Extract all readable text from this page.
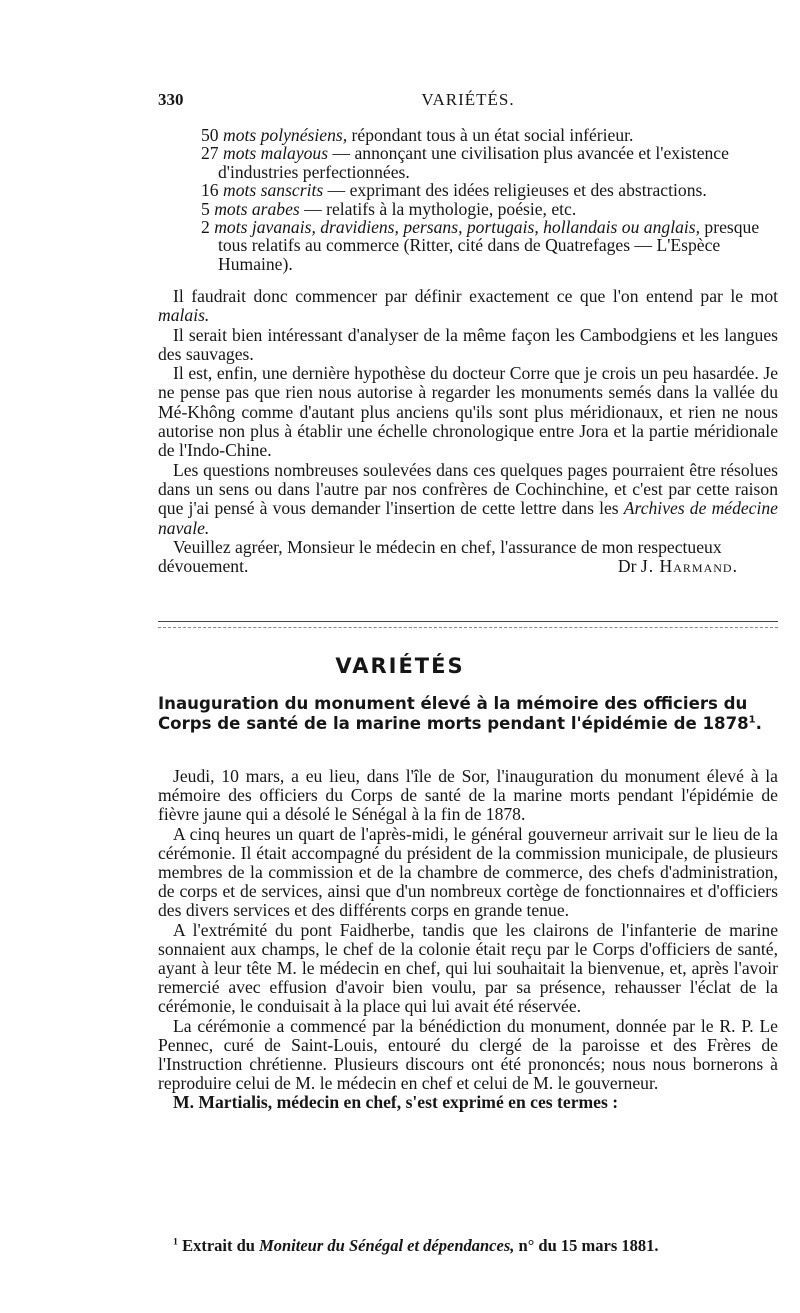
330	VARIÉTÉS.

50 mots polynésiens, répondant tous à un état social inférieur.

27 mots malayous — annonçant une civilisation plus avancée et l'existence d'industries perfectionnées.

16 mots sanscrits — exprimant des idées religieuses et des abstractions.

5 mots arabes — relatifs à la mythologie, poésie, etc.

2 mots javanais, dravidiens, persans, portugais, hollandais ou anglais, presque tous relatifs au commerce (Ritter, cité dans de Quatrefages — L'Espèce Humaine).

Il faudrait donc commencer par définir exactement ce que l'on entend par le mot malais.

Il serait bien intéressant d'analyser de la même façon les Cambodgiens et les langues des sauvages.

Il est, enfin, une dernière hypothèse du docteur Corre que je crois un peu hasardée. Je ne pense pas que rien nous autorise à regarder les monuments semés dans la vallée du Mé-Không comme d'autant plus anciens qu'ils sont plus méridionaux, et rien ne nous autorise non plus à établir une échelle chronologique entre Jora et la partie méridionale de l'Indo-Chine.

Les questions nombreuses soulevées dans ces quelques pages pourraient être résolues dans un sens ou dans l'autre par nos confrères de Cochinchine, et c'est par cette raison que j'ai pensé à vous demander l'insertion de cette lettre dans les Archives de médecine navale.

Veuillez agréer, Monsieur le médecin en chef, l'assurance de mon respectueux

dévouement.	Dr J. Harmand.
VARIÉTÉS
Inauguration du monument élevé à la mémoire des officiers du Corps de santé de la marine morts pendant l'épidémie de 1878$^1$.

Jeudi, 10 mars, a eu lieu, dans l'île de Sor, l'inauguration du monument élevé à la mémoire des officiers du Corps de santé de la marine morts pendant l'épidémie de fièvre jaune qui a désolé le Sénégal à la fin de 1878.

A cinq heures un quart de l'après-midi, le général gouverneur arrivait sur le lieu de la cérémonie. Il était accompagné du président de la commission municipale, de plusieurs membres de la commission et de la chambre de commerce, des chefs d'administration, de corps et de services, ainsi que d'un nombreux cortège de fonctionnaires et d'officiers des divers services et des différents corps en grande tenue.

A l'extrémité du pont Faidherbe, tandis que les clairons de l'infanterie de marine sonnaient aux champs, le chef de la colonie était reçu par le Corps d'officiers de santé, ayant à leur tête M. le médecin en chef, qui lui souhaitait la bienvenue, et, après l'avoir remercié avec effusion d'avoir bien voulu, par sa présence, rehausser l'éclat de la cérémonie, le conduisait à la place qui lui avait été réservée.

La cérémonie a commencé par la bénédiction du monument, donnée par le R. P. Le Pennec, curé de Saint-Louis, entouré du clergé de la paroisse et des Frères de l'Instruction chrétienne. Plusieurs discours ont été prononcés; nous nous bornerons à reproduire celui de M. le médecin en chef et celui de M. le gouverneur.

M. Martialis, médecin en chef, s'est exprimé en ces termes :

$^1$ Extrait du Moniteur du Sénégal et dépendances, n° du 15 mars 1881.
